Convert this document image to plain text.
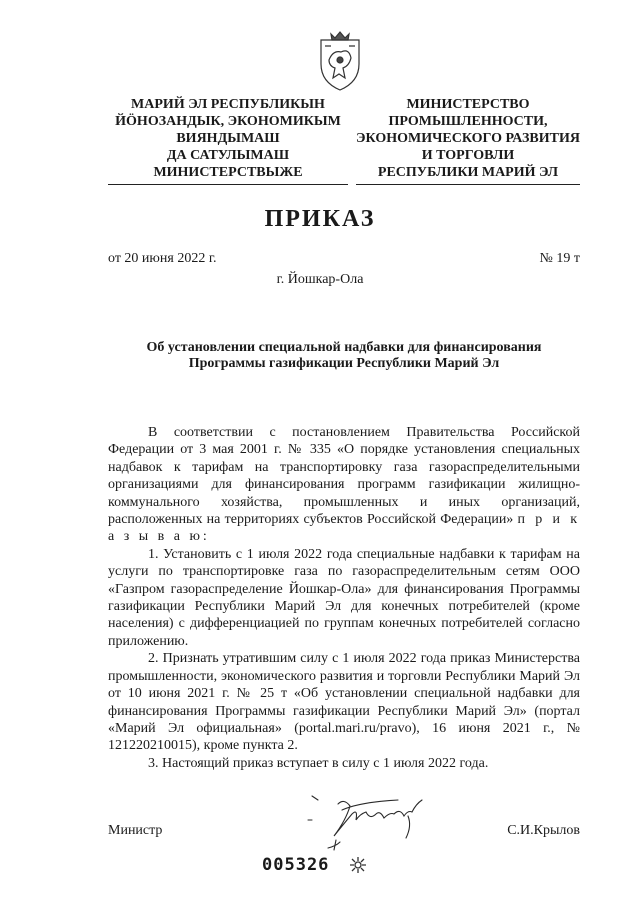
МАРИЙ ЭЛ РЕСПУБЛИКЫН
ЙÖНОЗАНДЫК, ЭКОНОМИКЫМ
ВИЯНДЫМАШ
ДА САТУЛЫМАШ
МИНИСТЕРСТВЫЖЕ
МИНИСТЕРСТВО
ПРОМЫШЛЕННОСТИ,
ЭКОНОМИЧЕСКОГО РАЗВИТИЯ
И ТОРГОВЛИ
РЕСПУБЛИКИ МАРИЙ ЭЛ
ПРИКАЗ
от 20 июня 2022 г.	№ 19 т
г. Йошкар-Ола
Об установлении специальной надбавки для финансирования
Программы газификации Республики Марий Эл

В соответствии с постановлением Правительства Российской Федерации от 3 мая 2001 г. № 335 «О порядке установления специальных надбавок к тарифам на транспортировку газа газораспределительными организациями для финансирования программ газификации жилищно-коммунального хозяйства, промышленных и иных организаций, расположенных на территориях субъектов Российской Федерации» п р и к а з ы в а ю:

1. Установить с 1 июля 2022 года специальные надбавки к тарифам на услуги по транспортировке газа по газораспределительным сетям ООО «Газпром газораспределение Йошкар-Ола» для финансирования Программы газификации Республики Марий Эл для конечных потребителей (кроме населения) с дифференциацией по группам конечных потребителей согласно приложению.

2. Признать утратившим силу с 1 июля 2022 года приказ Министерства промышленности, экономического развития и торговли Республики Марий Эл от 10 июня 2021 г. № 25 т «Об установлении специальной надбавки для финансирования Программы газификации Республики Марий Эл» (портал «Марий Эл официальная» (portal.mari.ru/pravo), 16 июня 2021 г., № 121220210015), кроме пункта 2.

3. Настоящий приказ вступает в силу с 1 июля 2022 года.

Министр	С.И.Крылов
005326
